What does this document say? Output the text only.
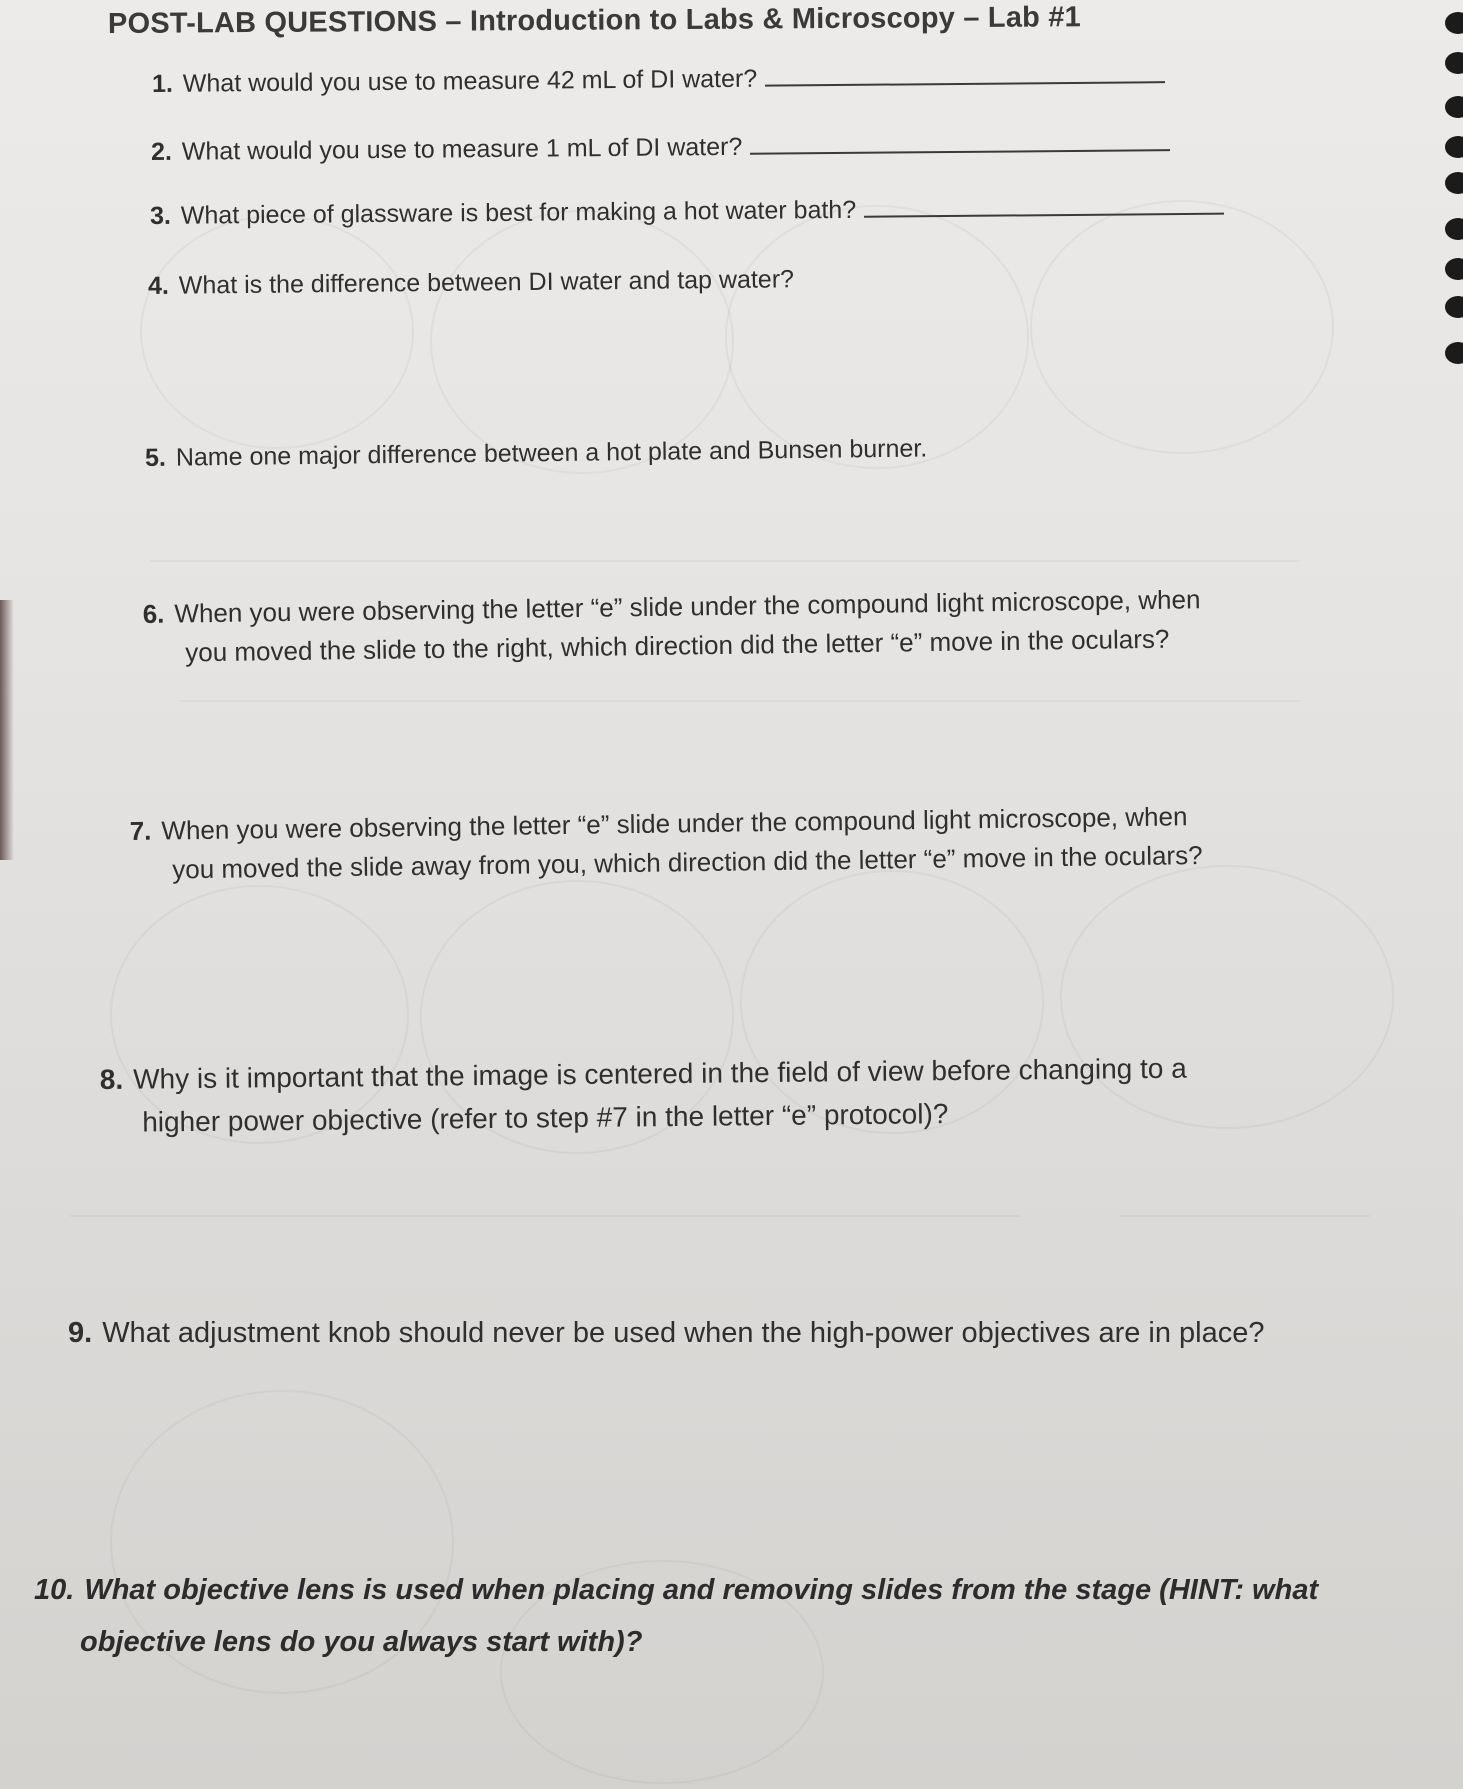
POST-LAB QUESTIONS – Introduction to Labs & Microscopy – Lab #1
1. What would you use to measure 42 mL of DI water?
2. What would you use to measure 1 mL of DI water?
3. What piece of glassware is best for making a hot water bath?
4. What is the difference between DI water and tap water?
5. Name one major difference between a hot plate and Bunsen burner.
6. When you were observing the letter “e” slide under the compound light microscope, when
you moved the slide to the right, which direction did the letter “e” move in the oculars?
7. When you were observing the letter “e” slide under the compound light microscope, when
you moved the slide away from you, which direction did the letter “e” move in the oculars?
8. Why is it important that the image is centered in the field of view before changing to a
higher power objective (refer to step #7 in the letter “e” protocol)?
9. What adjustment knob should never be used when the high-power objectives are in place?
10. What objective lens is used when placing and removing slides from the stage (HINT: what
objective lens do you always start with)?
